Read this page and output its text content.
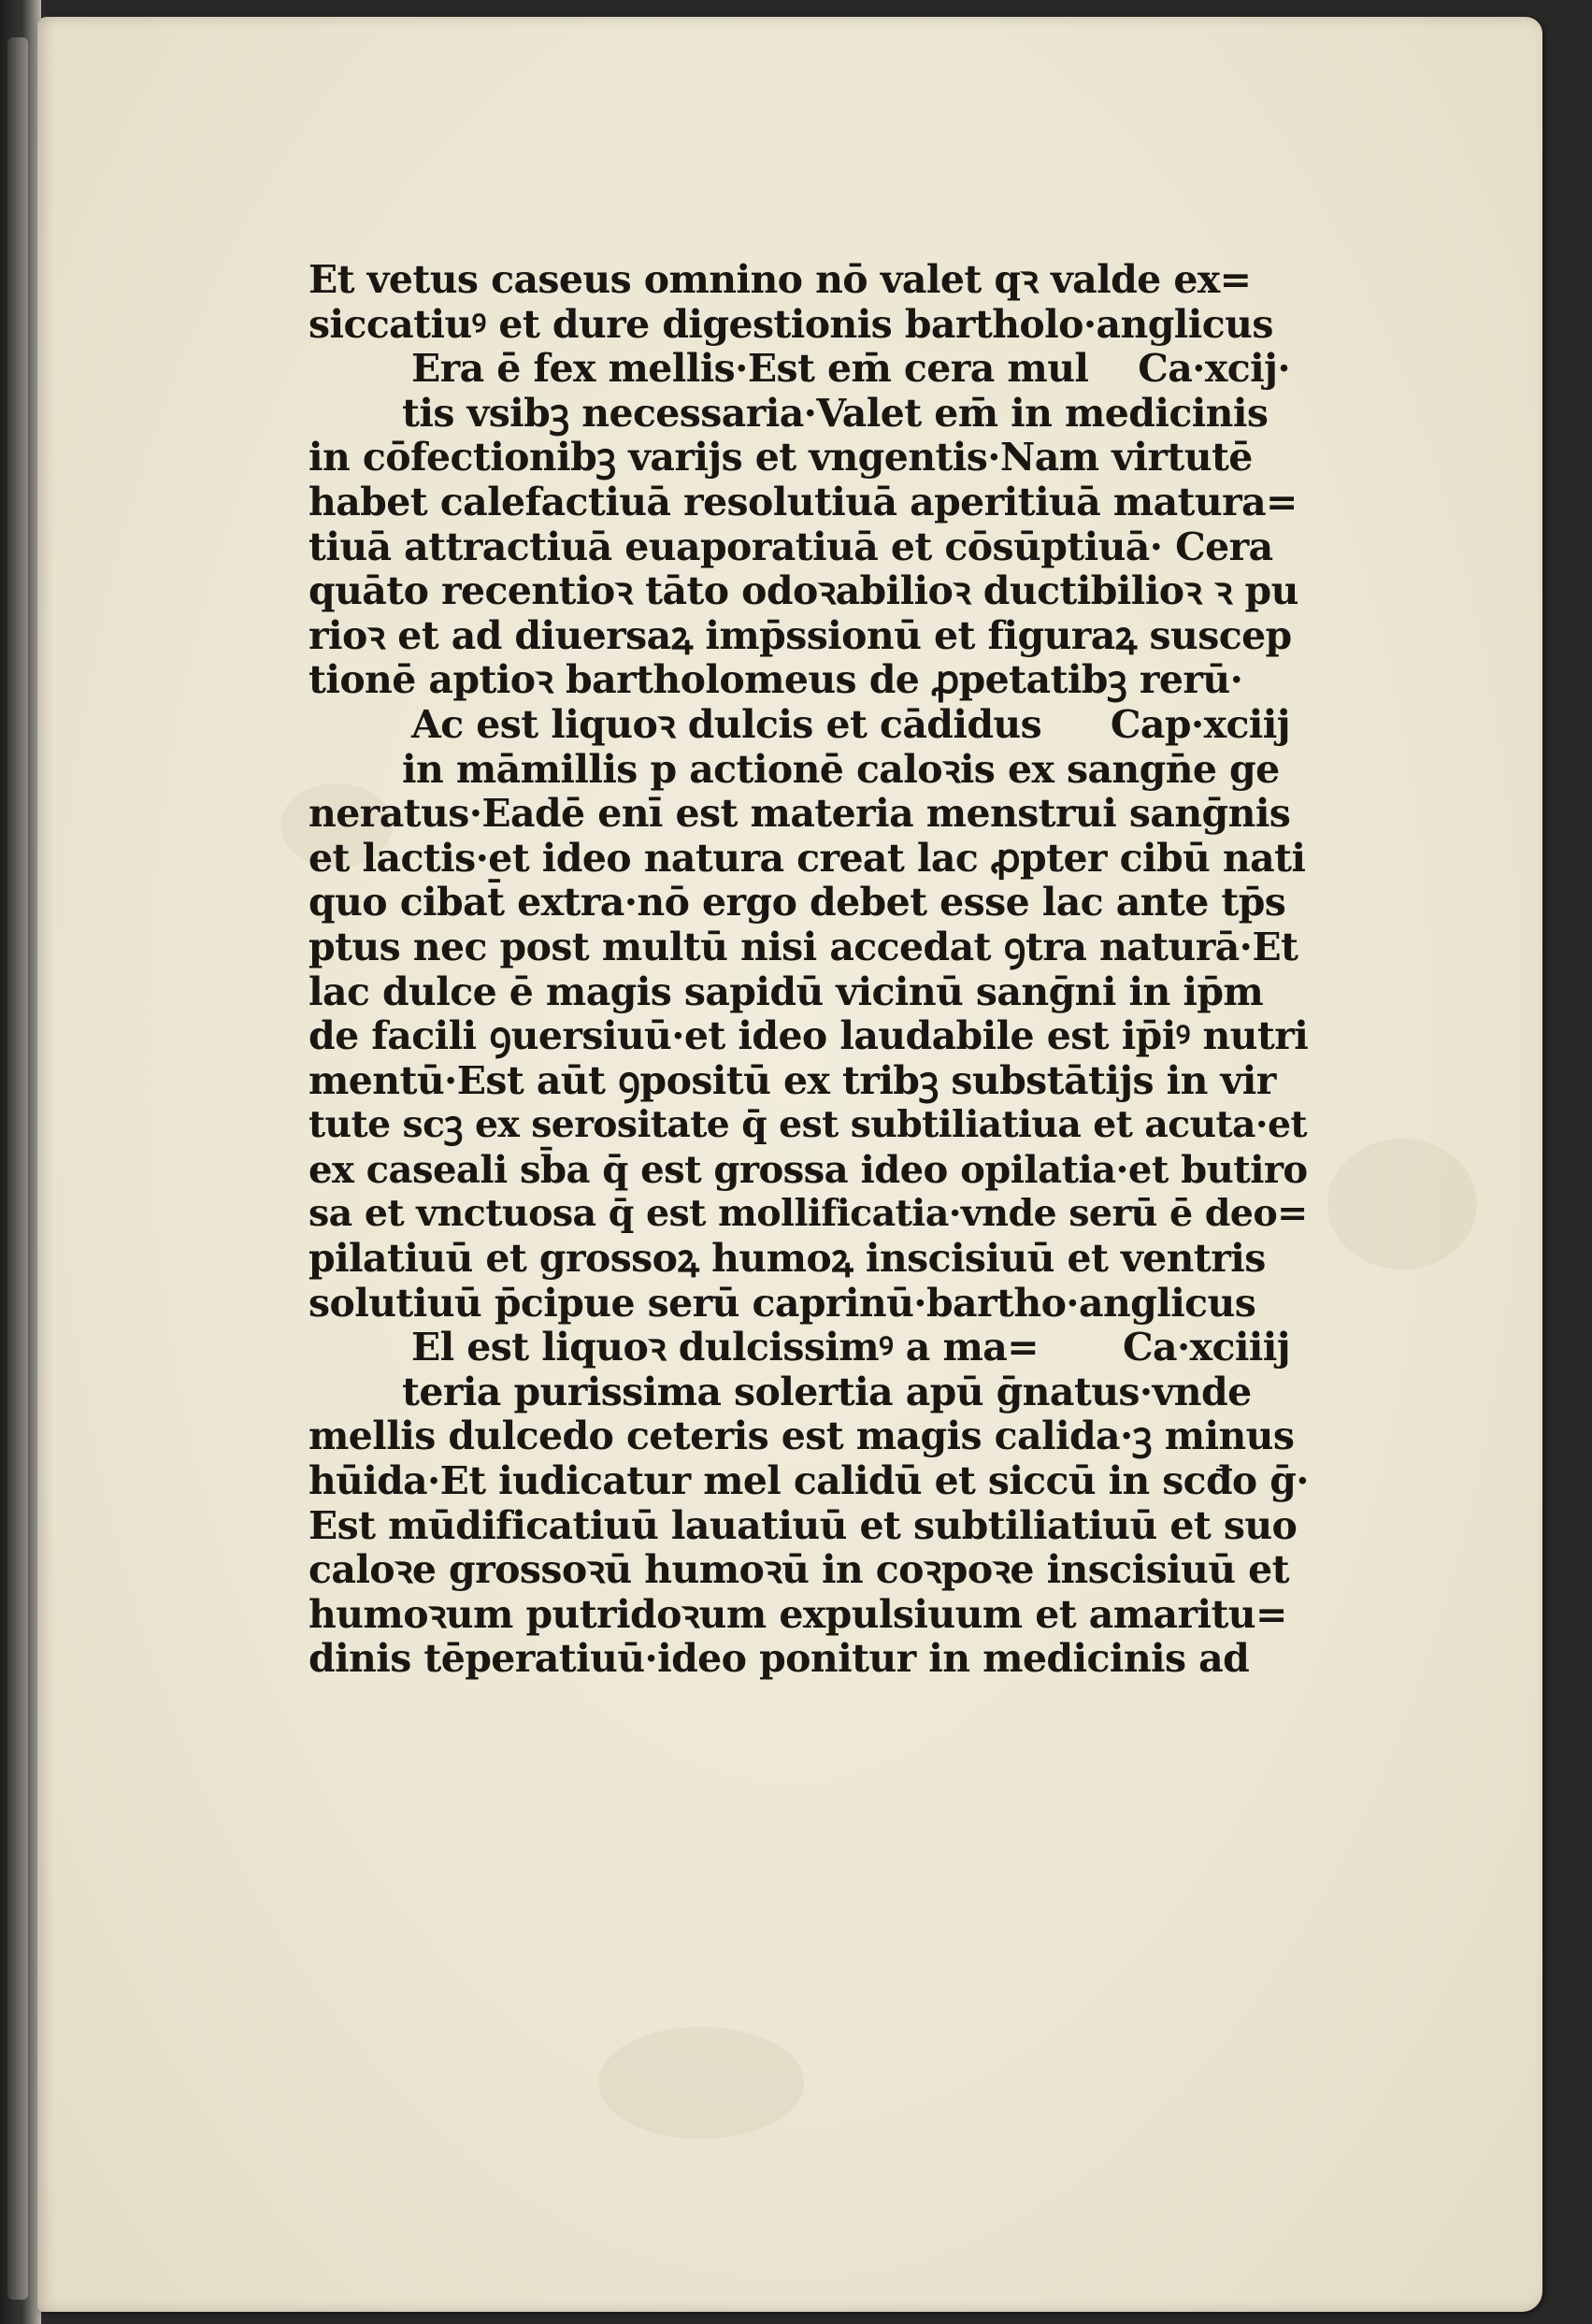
Et vetus caseus omnino nō valet qꝛ valde ex=
siccatiuꝰ et dure digestionis bartholo·anglicus
Era ē fex mellis·Est em̄ cera mul Ca·xcij·
tis vsibꝫ necessaria·Valet em̄ in medicinis
in cōfectionibꝫ varijs et vngentis·Nam virtutē
habet calefactiuā resolutiuā aperitiuā matura=
tiuā attractiuā euaporatiuā et cōsūptiuā· Cera
quāto recentioꝛ tāto odoꝛabilioꝛ ductibilioꝛ ꝛ pu
rioꝛ et ad diuersaꝝ imp̄ssionū et figuraꝝ suscep
tionē aptioꝛ bartholomeus de ꝓpetatibꝫ rerū·
Ac est liquoꝛ dulcis et cādidus Cap·xciij
in māmillis p actionē caloꝛis ex sangn̄e ge
neratus·Eadē enī est materia menstrui sanḡnis
et lactis·et ideo natura creat lac ꝓpter cibū nati
quo cibat̄ extra·nō ergo debet esse lac ante tp̄s
ptus nec post multū nisi accedat ꝯtra naturā·Et
lac dulce ē magis sapidū vicinū sanḡni in ip̄m
de facili ꝯuersiuū·et ideo laudabile est ip̄iꝰ nutri
mentū·Est aūt ꝯpositū ex tribꝫ substātijs in vir
tute scꝫ ex serositate q̄ est subtiliatiua et acuta·et
ex caseali sb̄a q̄ est grossa ideo opilatia·et butiro
sa et vnctuosa q̄ est mollificatia·vnde serū ē deo=
pilatiuū et grossoꝝ humoꝝ inscisiuū et ventris
solutiuū p̄cipue serū caprinū·bartho·anglicus
El est liquoꝛ dulcissimꝰ a ma= Ca·xciiij
teria purissima solertia apū ḡnatus·vnde
mellis dulcedo ceteris est magis calida·ꝫ minus
hūida·Et iudicatur mel calidū et siccū in scđo ḡ·
Est mūdificatiuū lauatiuū et subtiliatiuū et suo
caloꝛe grossoꝛū humoꝛū in coꝛpoꝛe inscisiuū et
humoꝛum putridoꝛum expulsiuum et amaritu=
dinis tēperatiuū·ideo ponitur in medicinis ad
